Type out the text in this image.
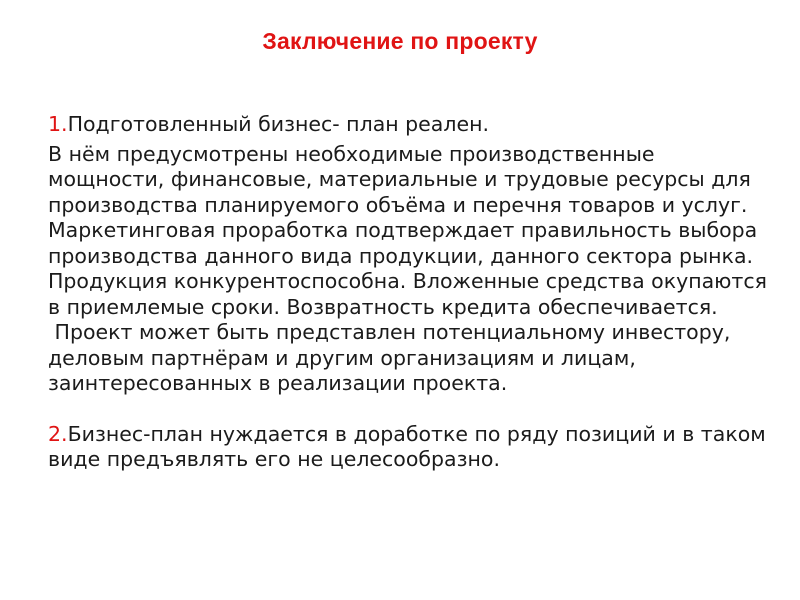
Заключение по проекту

1.Подготовленный бизнес- план реален.

В нём предусмотрены необходимые производственные мощности, финансовые, материальные и трудовые ресурсы для производства планируемого объёма и перечня товаров и услуг. Маркетинговая проработка подтверждает правильность выбора производства данного вида продукции, данного сектора рынка. Продукция конкурентоспособна. Вложенные средства окупаются в приемлемые сроки. Возвратность кредита обеспечивается.

Проект может быть представлен потенциальному инвестору, деловым партнёрам и другим организациям и лицам, заинтересованных в реализации проекта.

2.Бизнес-план нуждается в доработке по ряду позиций и в таком виде предъявлять его не целесообразно.
